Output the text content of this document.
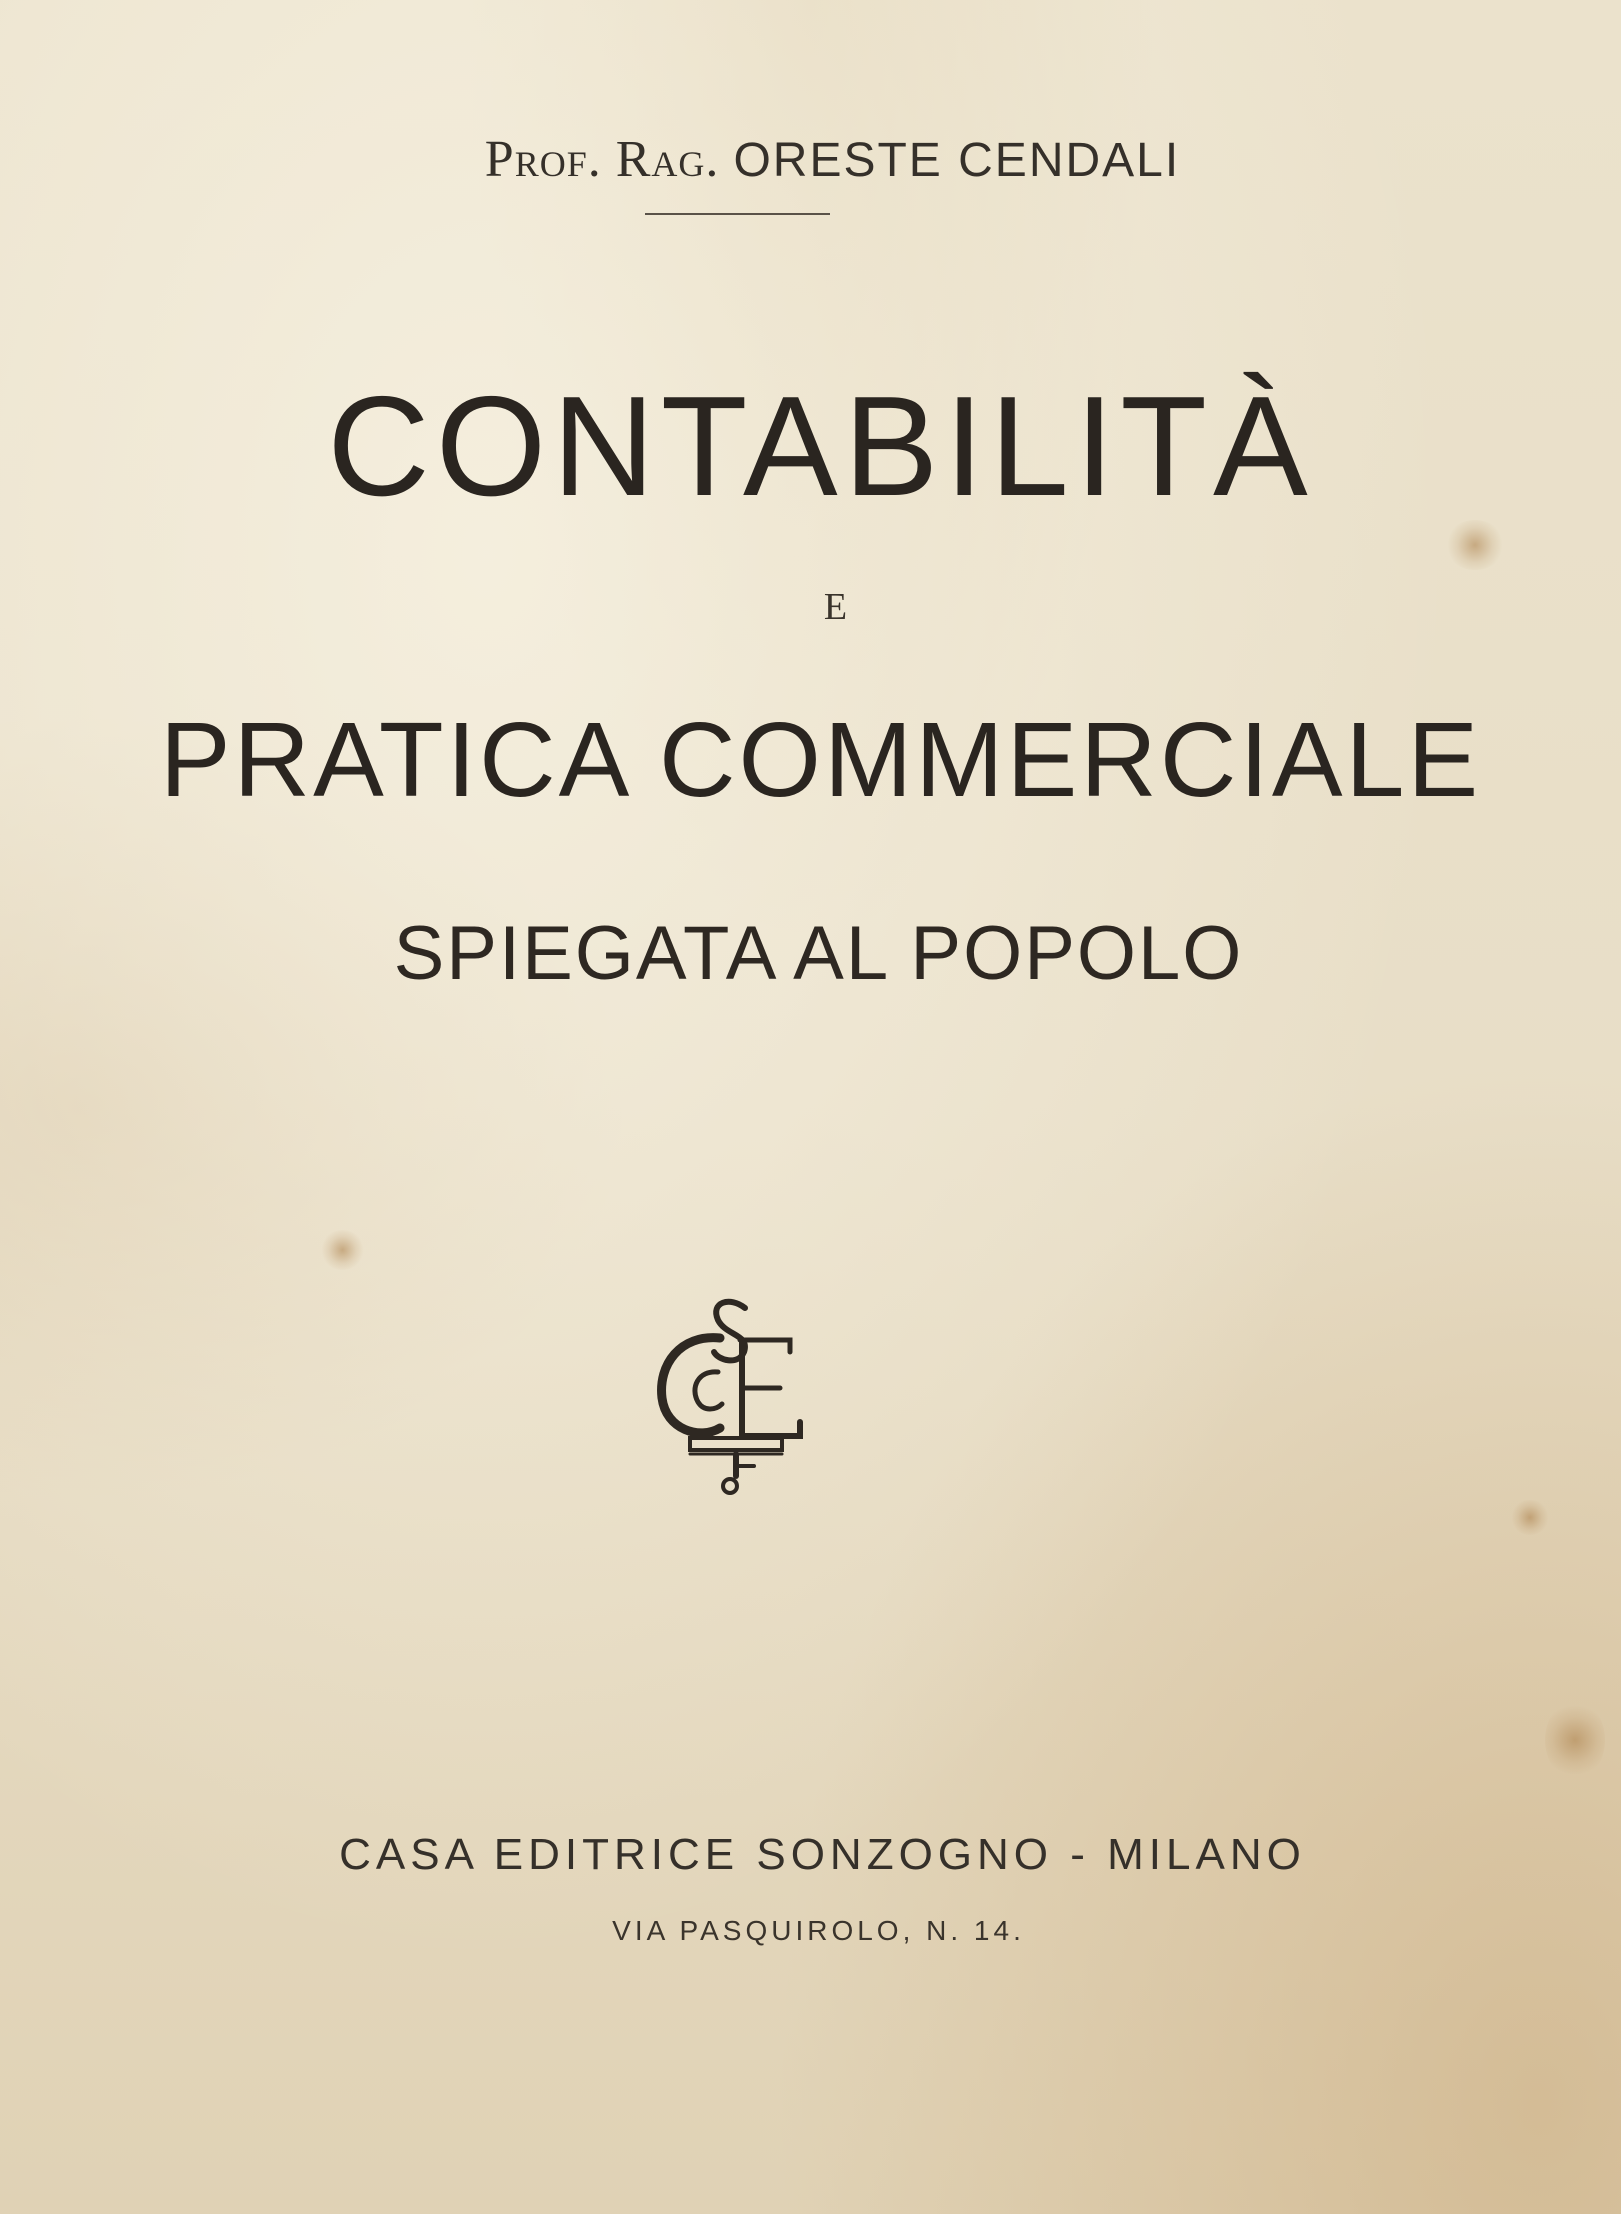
Prof. Rag. ORESTE CENDALI
CONTABILITÀ
E
PRATICA COMMERCIALE
SPIEGATA AL POPOLO
CASA EDITRICE SONZOGNO - MILANO
VIA PASQUIROLO, N. 14.
